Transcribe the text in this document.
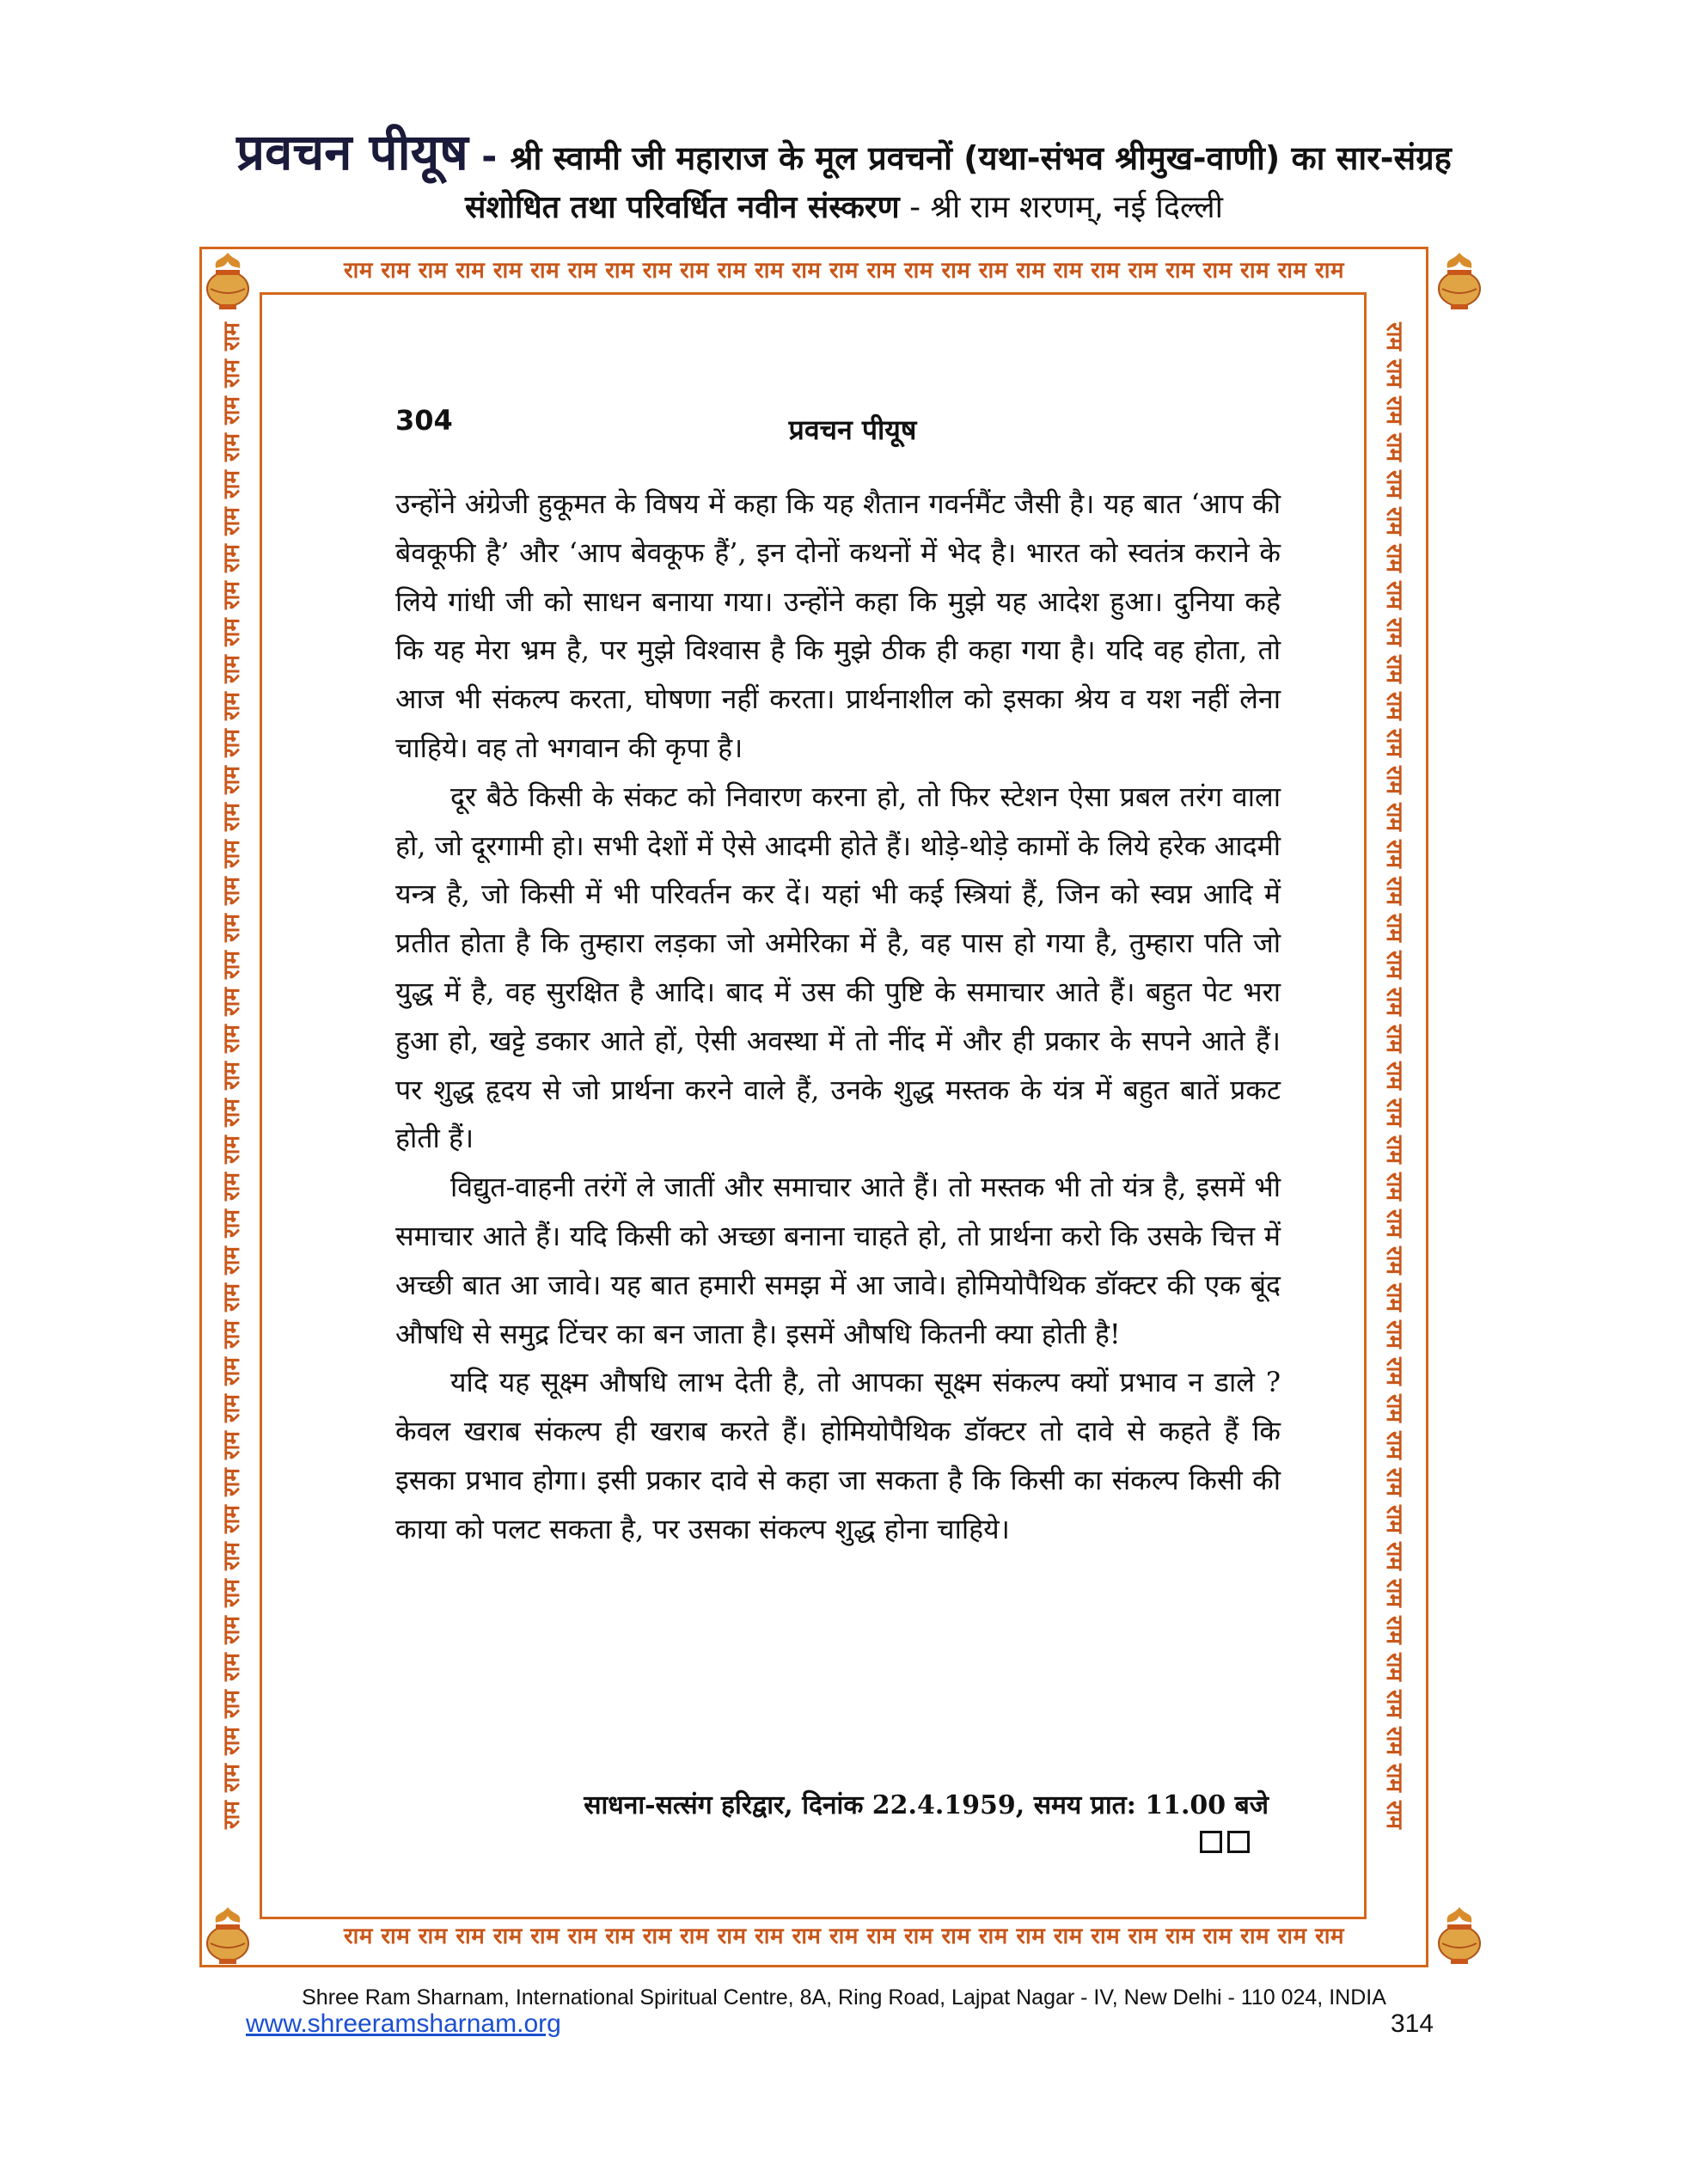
प्रवचन पीयूष - श्री स्वामी जी महाराज के मूल प्रवचनों (यथा-संभव श्रीमुख-वाणी) का सार-संग्रह
संशोधित तथा परिवर्धित नवीन संस्करण - श्री राम शरणम्, नई दिल्ली
राम राम राम राम राम राम राम राम राम राम राम राम राम राम राम राम राम राम राम राम राम राम राम राम राम राम राम
राम राम राम राम राम राम राम राम राम राम राम राम राम राम राम राम राम राम राम राम राम राम राम राम राम राम राम
राम
राम
राम
राम
राम
राम
राम
राम
राम
राम
राम
राम
राम
राम
राम
राम
राम
राम
राम
राम
राम
राम
राम
राम
राम
राम
राम
राम
राम
राम
राम
राम
राम
राम
राम
राम
राम
राम
राम
राम
राम
राम
राम
राम
राम
राम
राम
राम
राम
राम
राम
राम
राम
राम
राम
राम
राम
राम
राम
राम
राम
राम
राम
राम
राम
राम
राम
राम
राम
राम
राम
राम
राम
राम
राम
राम
राम
राम
राम
राम
राम
राम
304	प्रवचन पीयूष

उन्होंने अंग्रेजी हुकूमत के विषय में कहा कि यह शैतान गवर्नमैंट जैसी है। यह बात ‘आप की बेवकूफी है’ और ‘आप बेवकूफ हैं’, इन दोनों कथनों में भेद है। भारत को स्वतंत्र कराने के लिये गांधी जी को साधन बनाया गया। उन्होंने कहा कि मुझे यह आदेश हुआ। दुनिया कहे कि यह मेरा भ्रम है, पर मुझे विश्वास है कि मुझे ठीक ही कहा गया है। यदि वह होता, तो आज भी संकल्प करता, घोषणा नहीं करता। प्रार्थनाशील को इसका श्रेय व यश नहीं लेना चाहिये। वह तो भगवान की कृपा है।

दूर बैठे किसी के संकट को निवारण करना हो, तो फिर स्टेशन ऐसा प्रबल तरंग वाला हो, जो दूरगामी हो। सभी देशों में ऐसे आदमी होते हैं। थोड़े-थोड़े कामों के लिये हरेक आदमी यन्त्र है, जो किसी में भी परिवर्तन कर दें। यहां भी कई स्त्रियां हैं, जिन को स्वप्न आदि में प्रतीत होता है कि तुम्हारा लड़का जो अमेरिका में है, वह पास हो गया है, तुम्हारा पति जो युद्ध में है, वह सुरक्षित है आदि। बाद में उस की पुष्टि के समाचार आते हैं। बहुत पेट भरा हुआ हो, खट्टे डकार आते हों, ऐसी अवस्था में तो नींद में और ही प्रकार के सपने आते हैं। पर शुद्ध हृदय से जो प्रार्थना करने वाले हैं, उनके शुद्ध मस्तक के यंत्र में बहुत बातें प्रकट होती हैं।

विद्युत-वाहनी तरंगें ले जातीं और समाचार आते हैं। तो मस्तक भी तो यंत्र है, इसमें भी समाचार आते हैं। यदि किसी को अच्छा बनाना चाहते हो, तो प्रार्थना करो कि उसके चित्त में अच्छी बात आ जावे। यह बात हमारी समझ में आ जावे। होमियोपैथिक डॉक्टर की एक बूंद औषधि से समुद्र टिंचर का बन जाता है। इसमें औषधि कितनी क्या होती है!

यदि यह सूक्ष्म औषधि लाभ देती है, तो आपका सूक्ष्म संकल्प क्यों प्रभाव न डाले ? केवल खराब संकल्प ही खराब करते हैं। होमियोपैथिक डॉक्टर तो दावे से कहते हैं कि इसका प्रभाव होगा। इसी प्रकार दावे से कहा जा सकता है कि किसी का संकल्प किसी की काया को पलट सकता है, पर उसका संकल्प शुद्ध होना चाहिये।

साधना-सत्संग हरिद्वार, दिनांक 22.4.1959, समय प्रात: 11.00 बजे
Shree Ram Sharnam, International Spiritual Centre, 8A, Ring Road, Lajpat Nagar - IV, New Delhi - 110 024, INDIA
www.shreeramsharnam.org	314
